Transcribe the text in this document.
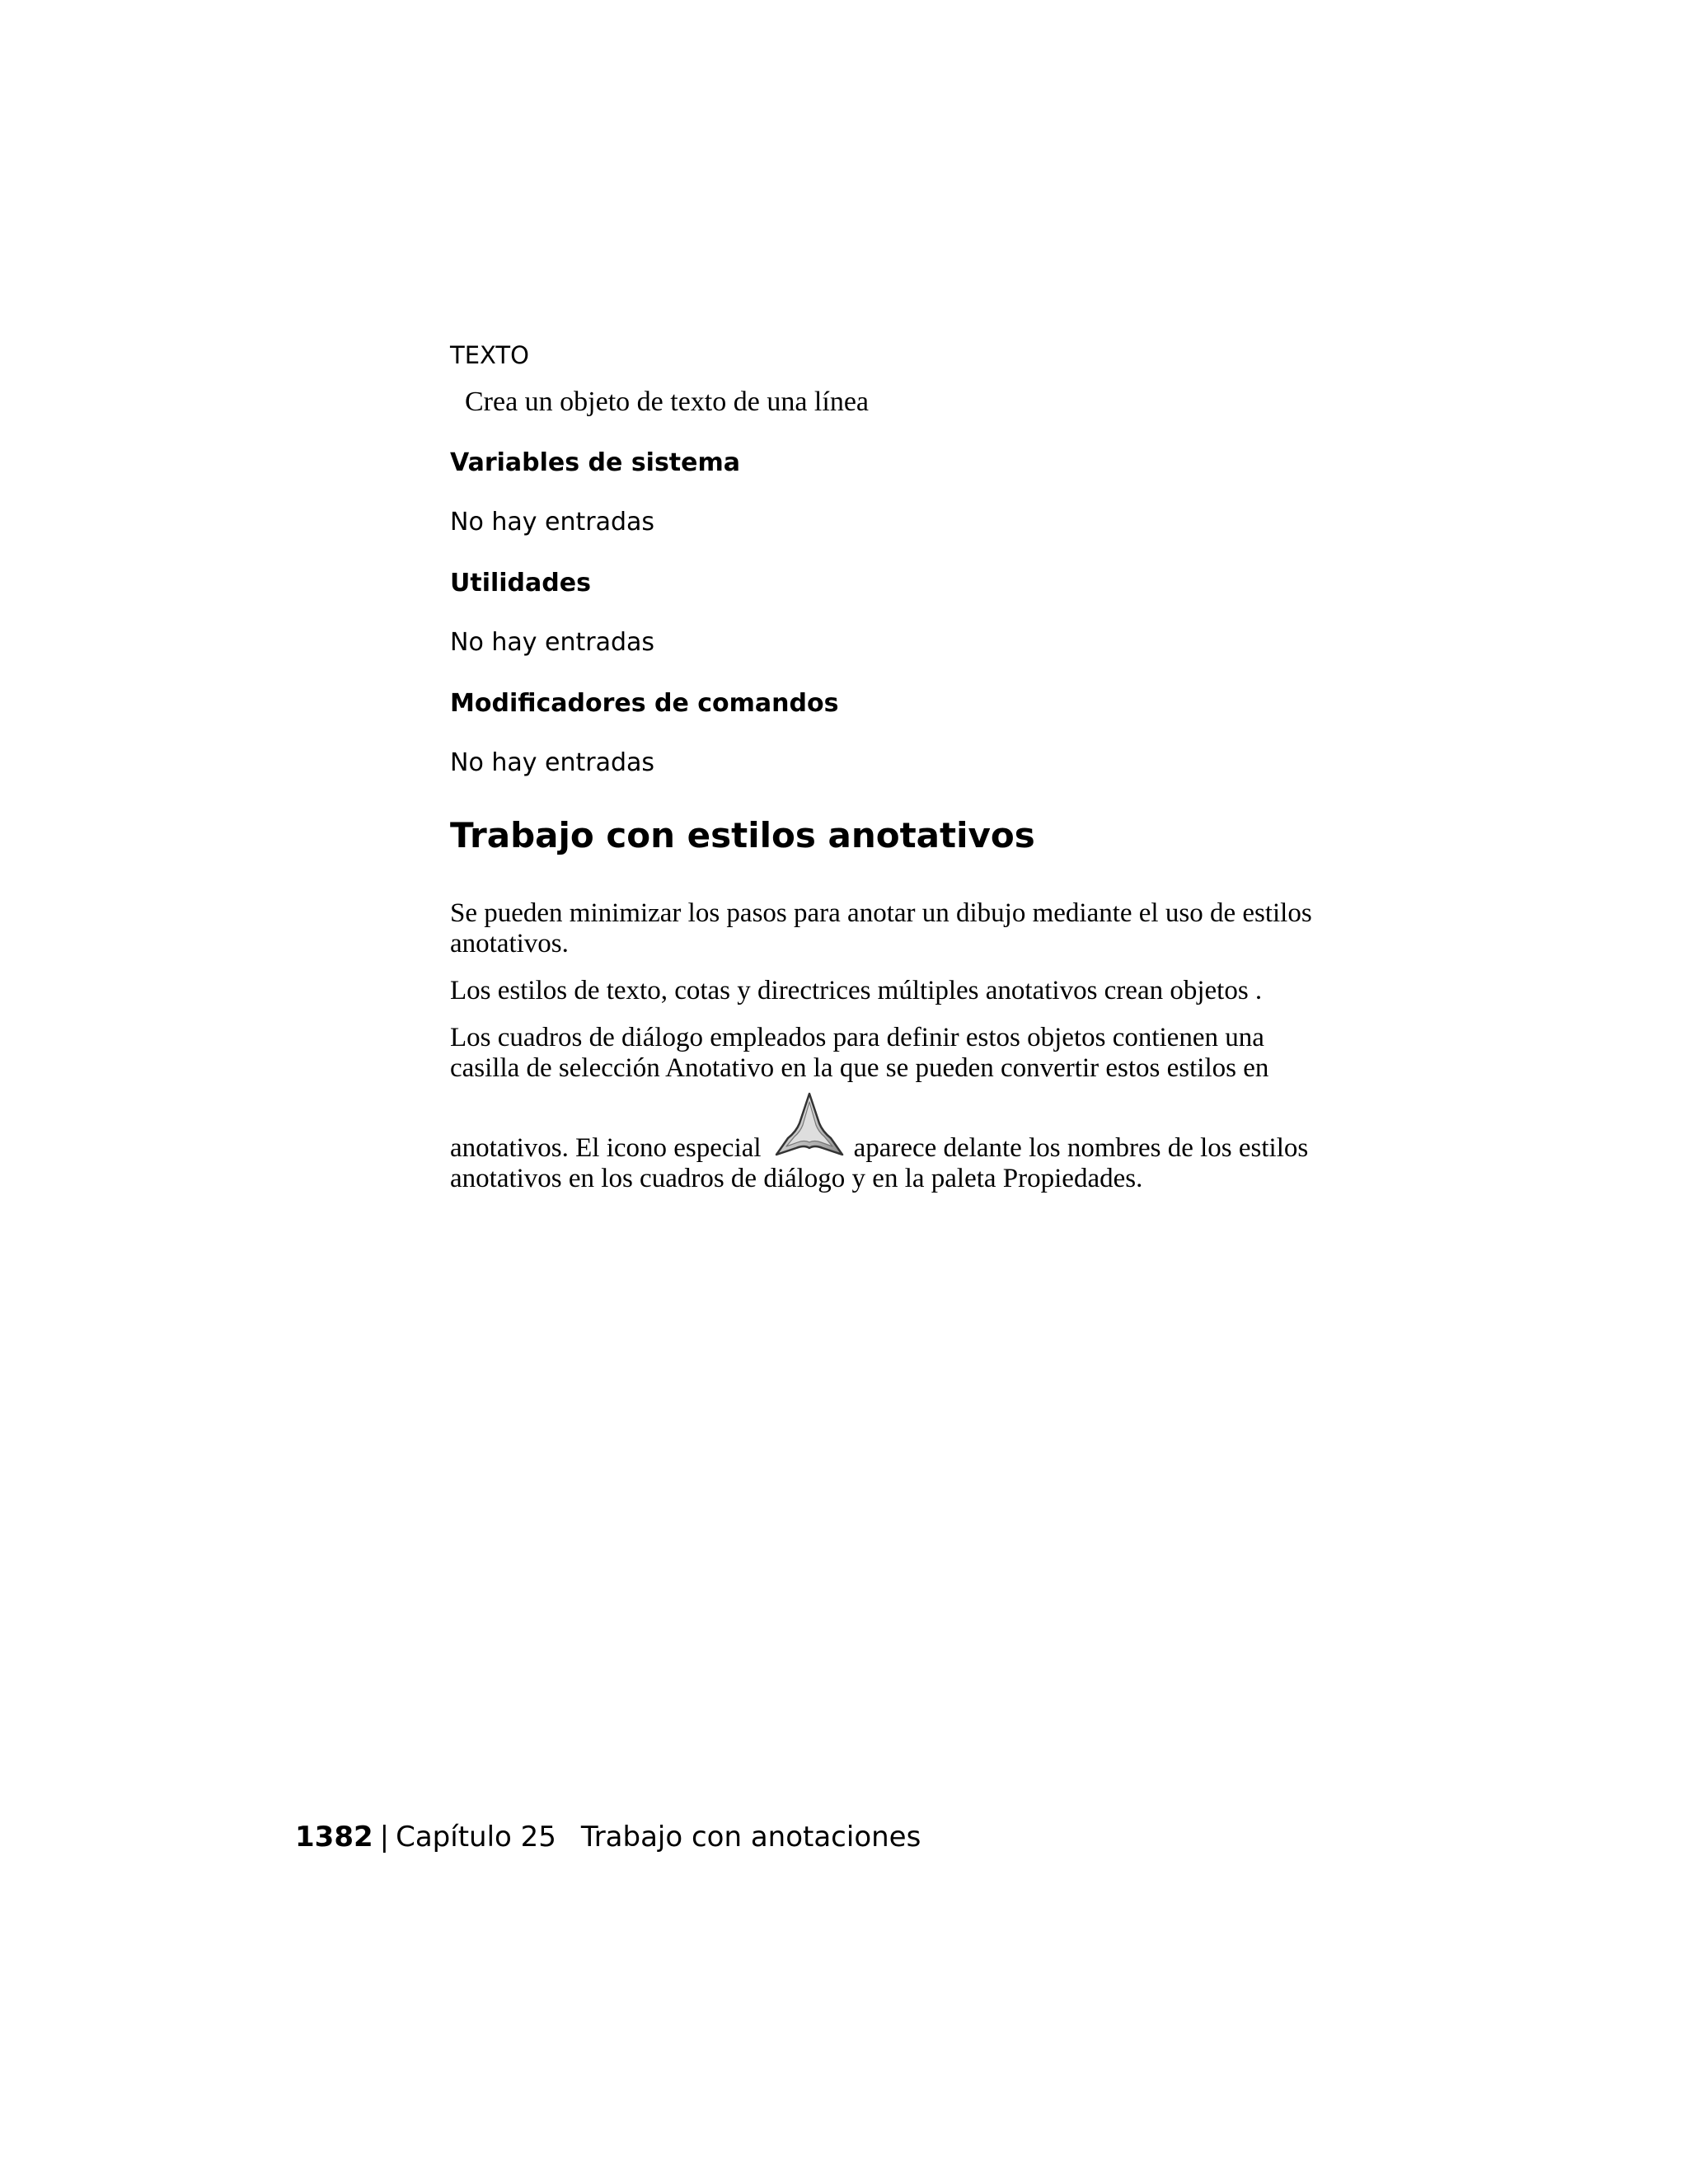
TEXTO
Crea un objeto de texto de una línea
Variables de sistema
No hay entradas
Utilidades
No hay entradas
Modificadores de comandos
No hay entradas
Trabajo con estilos anotativos

Se pueden minimizar los pasos para anotar un dibujo mediante el uso de estilos anotativos.

Los estilos de texto, cotas y directrices múltiples anotativos crean objetos .

Los cuadros de diálogo empleados para definir estos objetos contienen una casilla de selección Anotativo en la que se pueden convertir estos estilos en

anotativos. El icono especial	aparece delante los nombres de los estilos anotativos en los cuadros de diálogo y en la paleta Propiedades.

1382 | Capítulo 25 Trabajo con anotaciones
